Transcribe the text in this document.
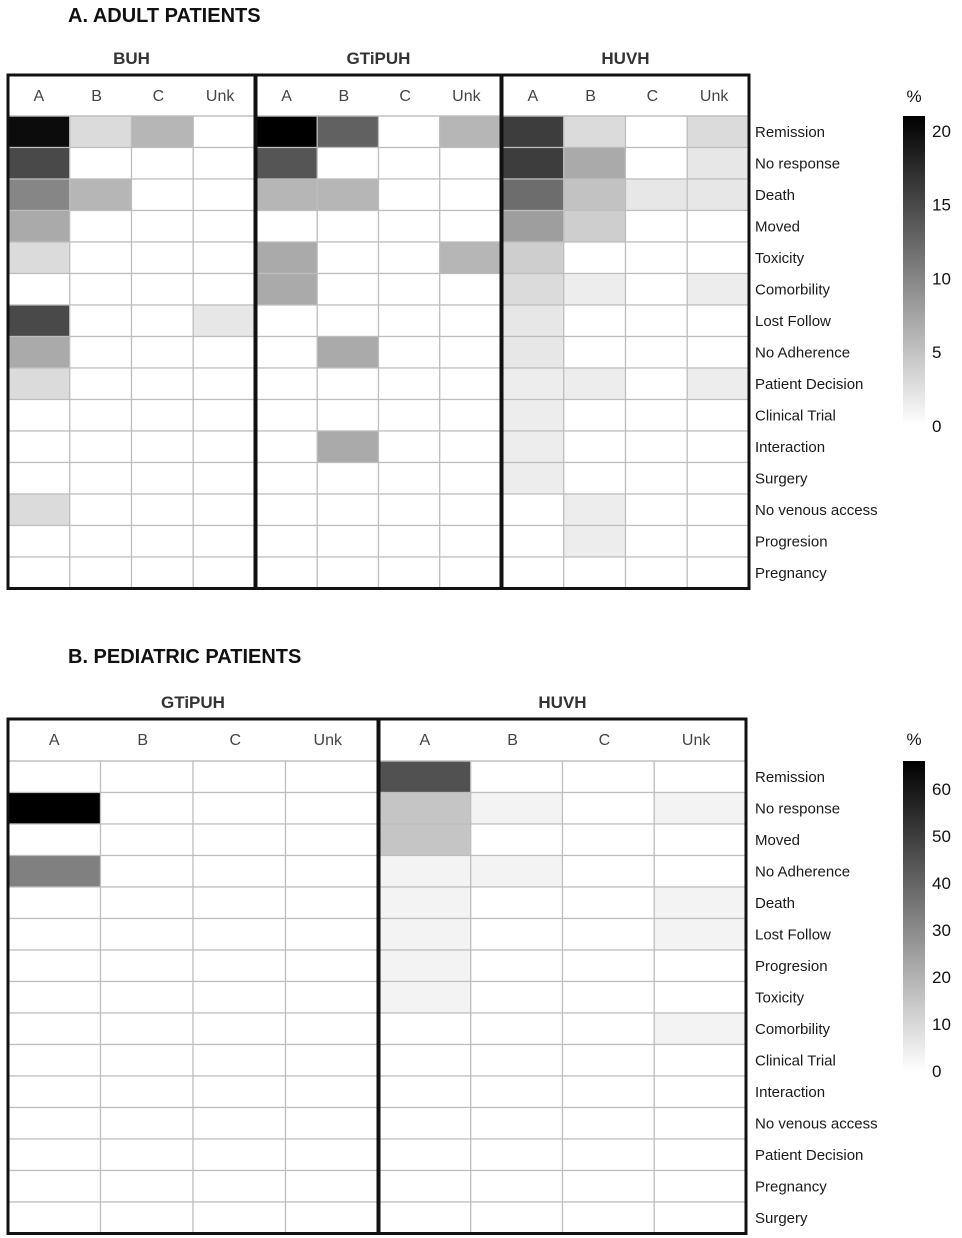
A. ADULT PATIENTS
BUH
A	B	C	Unk
GTiPUH
A	B	C	Unk
HUVH
A	B	C	Unk
Remission
No response
Death
Moved
Toxicity
Comorbility
Lost Follow
No Adherence
Patient Decision
Clinical Trial
Interaction
Surgery
No venous access
Progresion
Pregnancy
%
0
5
10
15
20
B. PEDIATRIC PATIENTS
GTiPUH
A	B	C	Unk
HUVH
A	B	C	Unk
Remission
No response
Moved
No Adherence
Death
Lost Follow
Progresion
Toxicity
Comorbility
Clinical Trial
Interaction
No venous access
Patient Decision
Pregnancy
Surgery
%
0
10
20
30
40
50
60
